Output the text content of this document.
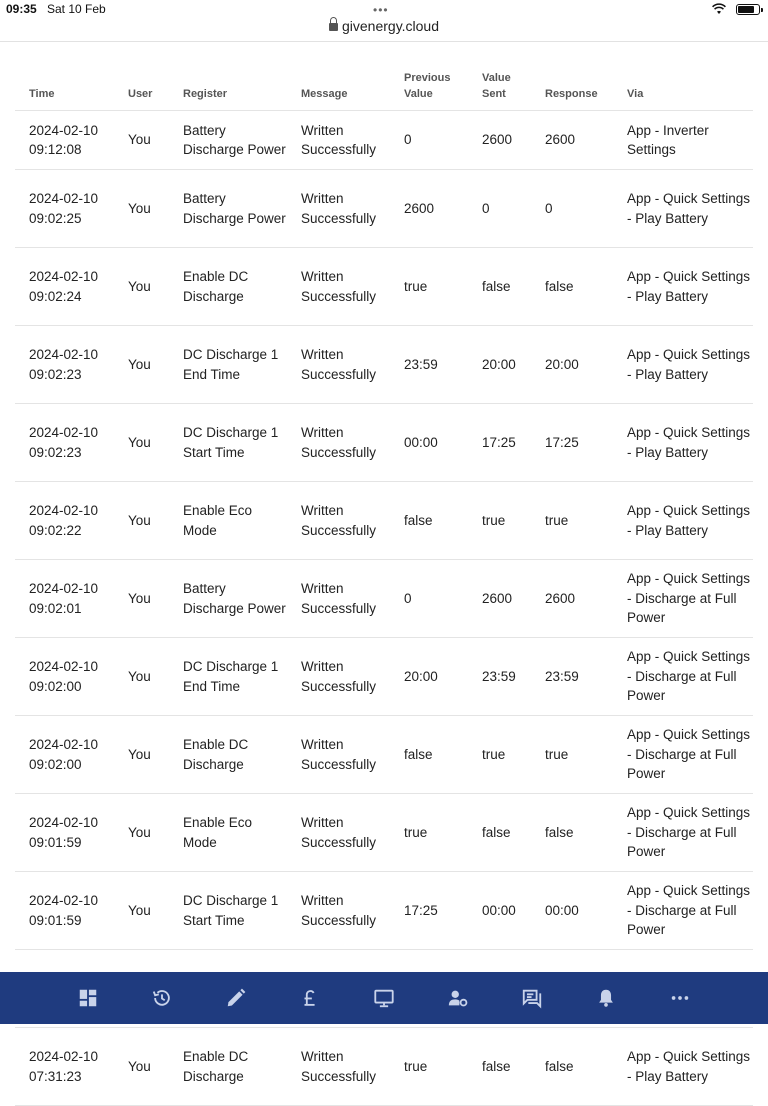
09:35 Sat 10 Feb	•••
givenergy.cloud
Time	User	Register	Message	Previous Value	Value Sent	Response	Via

2024-02-10
09:12:08	You	Battery Discharge Power	Written Successfully	0	2600	2600	App - Inverter Settings

2024-02-10
09:02:25	You	Battery Discharge Power	Written Successfully	2600	0	0	App - Quick Settings - Play Battery

2024-02-10
09:02:24	You	Enable DC Discharge	Written Successfully	true	false	false	App - Quick Settings - Play Battery

2024-02-10
09:02:23	You	DC Discharge 1 End Time	Written Successfully	23:59	20:00	20:00	App - Quick Settings - Play Battery

2024-02-10
09:02:23	You	DC Discharge 1 Start Time	Written Successfully	00:00	17:25	17:25	App - Quick Settings - Play Battery

2024-02-10
09:02:22	You	Enable Eco Mode	Written Successfully	false	true	true	App - Quick Settings - Play Battery

2024-02-10
09:02:01	You	Battery Discharge Power	Written Successfully	0	2600	2600	App - Quick Settings - Discharge at Full Power

2024-02-10
09:02:00	You	DC Discharge 1 End Time	Written Successfully	20:00	23:59	23:59	App - Quick Settings - Discharge at Full Power

2024-02-10
09:02:00	You	Enable DC Discharge	Written Successfully	false	true	true	App - Quick Settings - Discharge at Full Power

2024-02-10
09:01:59	You	Enable Eco Mode	Written Successfully	true	false	false	App - Quick Settings - Discharge at Full Power

2024-02-10
09:01:59	You	DC Discharge 1 Start Time	Written Successfully	17:25	00:00	00:00	App - Quick Settings - Discharge at Full Power

2024-02-10
07:31:23	You	Enable DC Discharge	Written Successfully	true	false	false	App - Quick Settings - Play Battery
